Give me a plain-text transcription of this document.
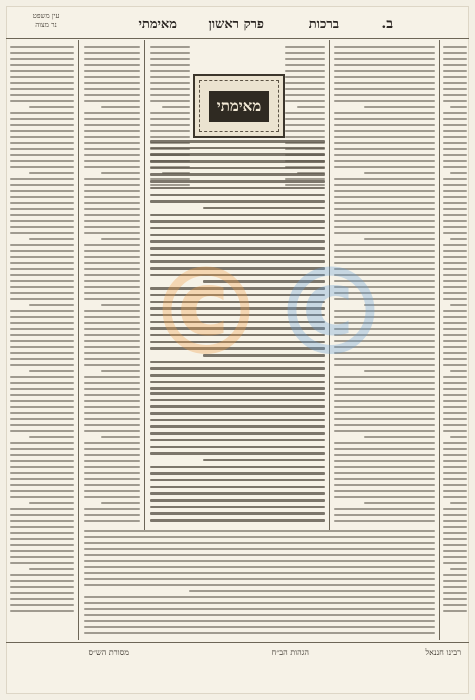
ב.
ברכות
פרק ראשון
מאימתי
עין משפט
נר מצוה
מאימתי
© ©
רבינו חננאל
הגהות הב״ח
מסורת הש״ס
